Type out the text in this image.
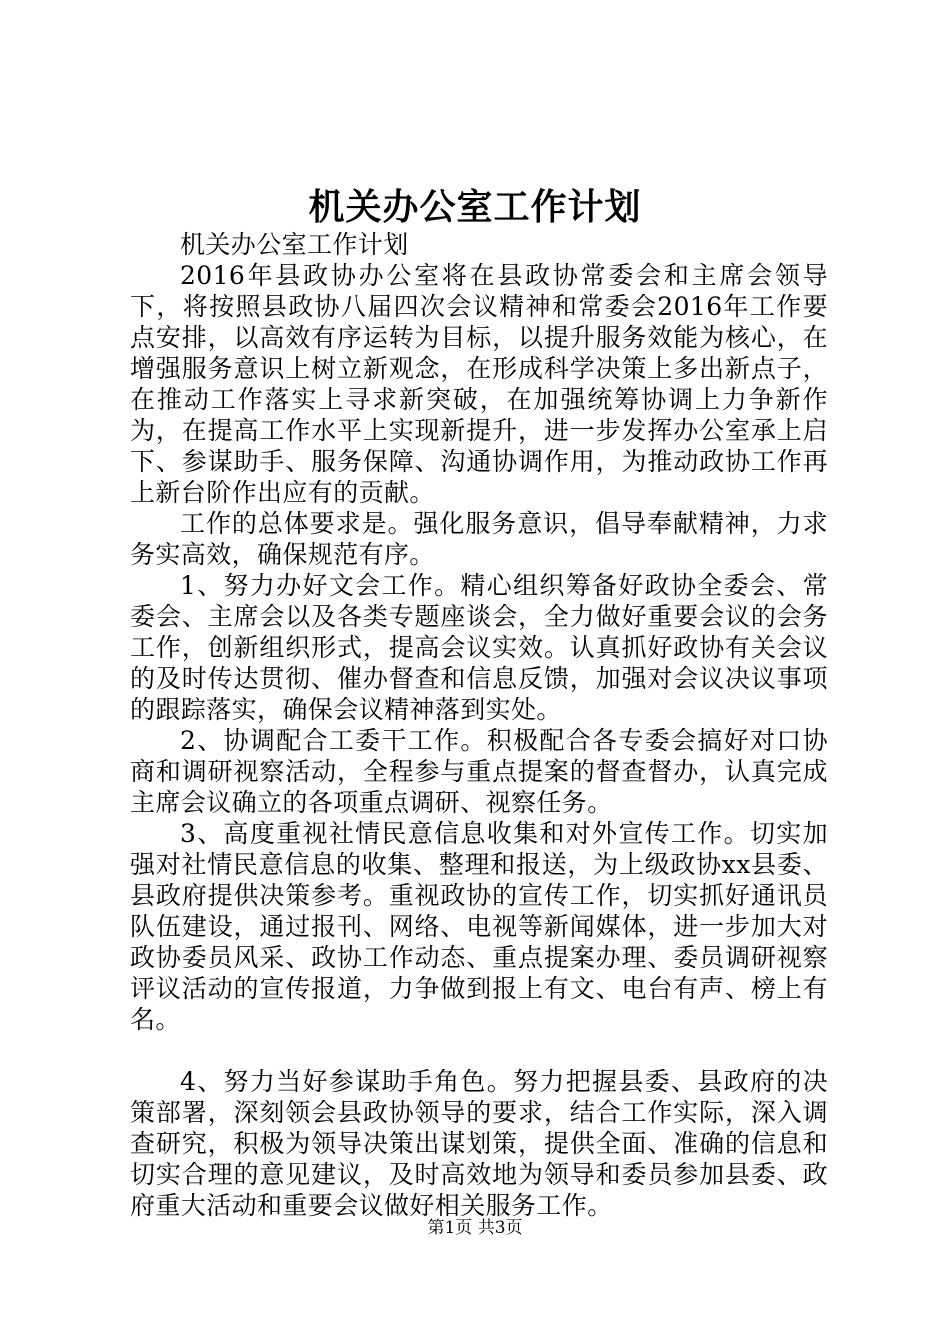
机关办公室工作计划

机关办公室工作计划

2016年县政协办公室将在县政协常委会和主席会领导下，将按照县政协八届四次会议精神和常委会2016年工作要点安排，以高效有序运转为目标，以提升服务效能为核心，在增强服务意识上树立新观念，在形成科学决策上多出新点子，在推动工作落实上寻求新突破，在加强统筹协调上力争新作为，在提高工作水平上实现新提升，进一步发挥办公室承上启下、参谋助手、服务保障、沟通协调作用，为推动政协工作再上新台阶作出应有的贡献。

工作的总体要求是。强化服务意识，倡导奉献精神，力求务实高效，确保规范有序。

1、努力办好文会工作。精心组织筹备好政协全委会、常委会、主席会以及各类专题座谈会，全力做好重要会议的会务工作，创新组织形式，提高会议实效。认真抓好政协有关会议的及时传达贯彻、催办督查和信息反馈，加强对会议决议事项的跟踪落实，确保会议精神落到实处。

2、协调配合工委干工作。积极配合各专委会搞好对口协商和调研视察活动，全程参与重点提案的督查督办，认真完成主席会议确立的各项重点调研、视察任务。

3、高度重视社情民意信息收集和对外宣传工作。切实加强对社情民意信息的收集、整理和报送，为上级政协xx县委、县政府提供决策参考。重视政协的宣传工作，切实抓好通讯员队伍建设，通过报刊、网络、电视等新闻媒体，进一步加大对政协委员风采、政协工作动态、重点提案办理、委员调研视察评议活动的宣传报道，力争做到报上有文、电台有声、榜上有名。

4、努力当好参谋助手角色。努力把握县委、县政府的决策部署，深刻领会县政协领导的要求，结合工作实际，深入调查研究，积极为领导决策出谋划策，提供全面、准确的信息和切实合理的意见建议，及时高效地为领导和委员参加县委、政府重大活动和重要会议做好相关服务工作。

第1页 共3页
